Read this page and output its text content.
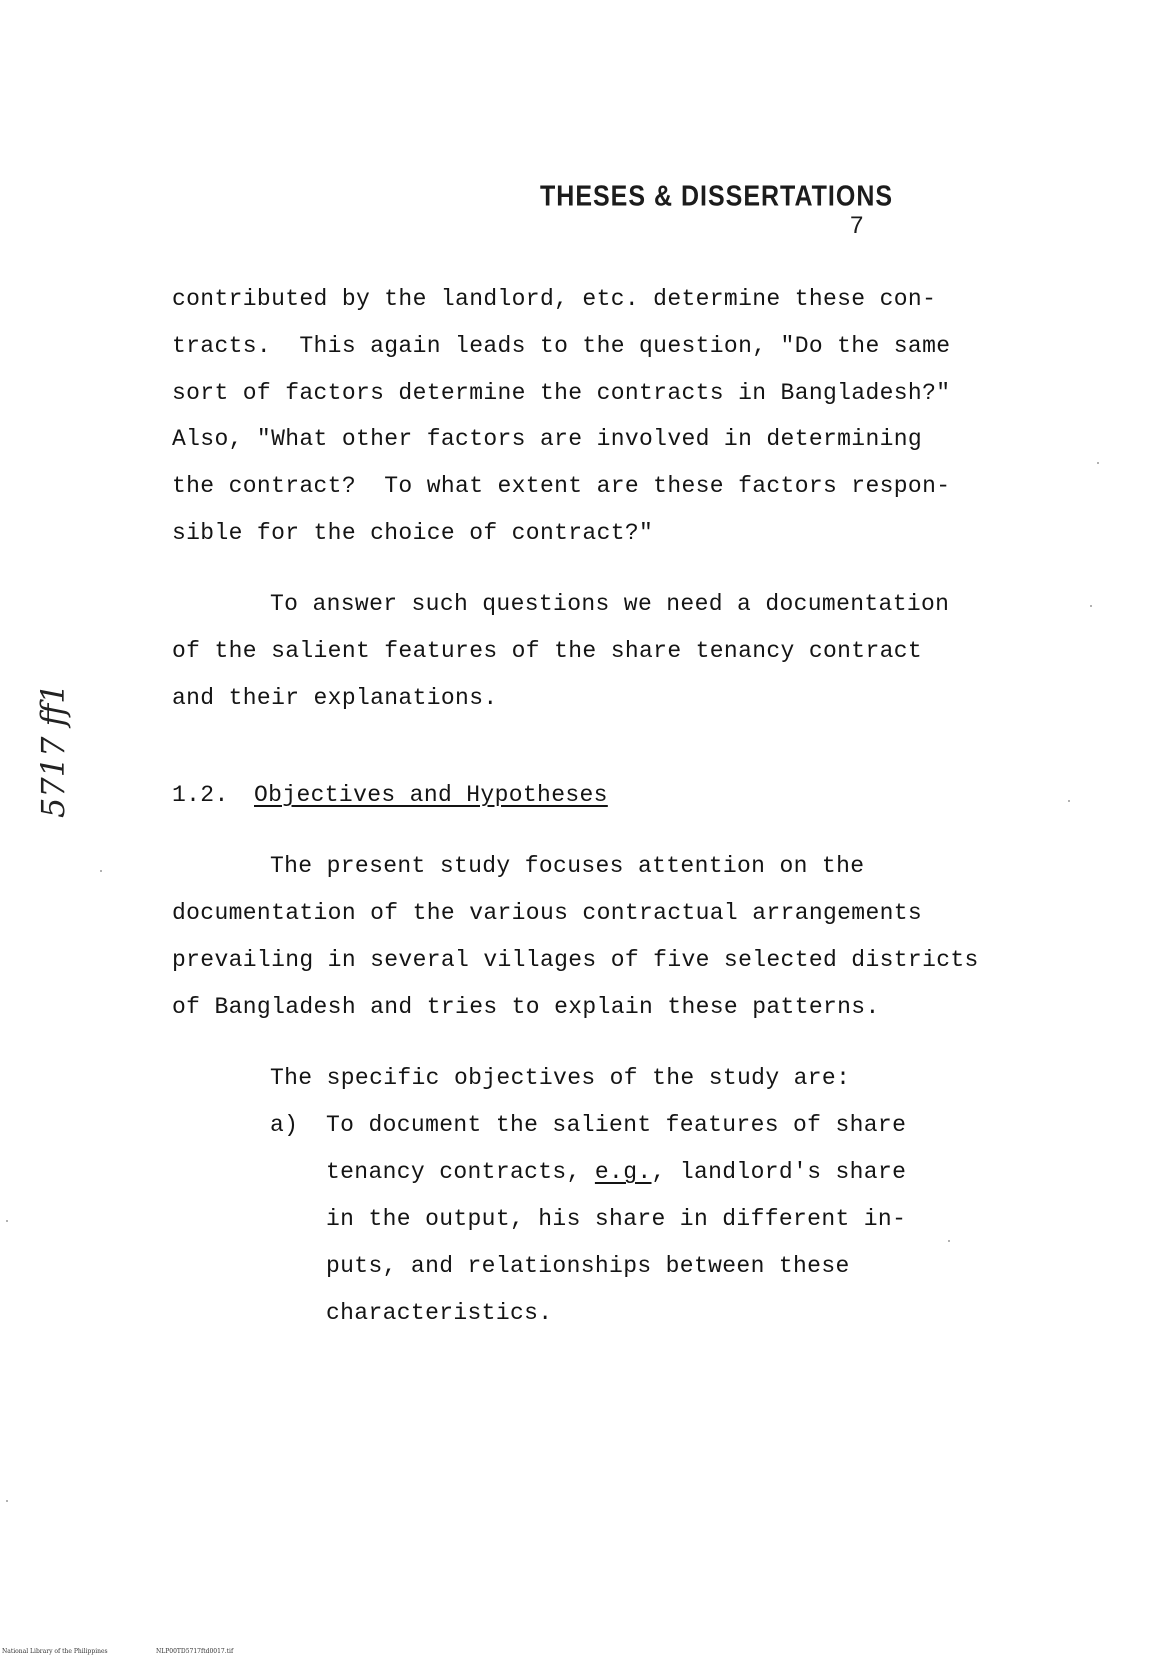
THESES & DISSERTATIONS
7
contributed by the landlord, etc. determine these con-
tracts.  This again leads to the question, "Do the same
sort of factors determine the contracts in Bangladesh?"
Also, "What other factors are involved in determining
the contract?  To what extent are these factors respon-
sible for the choice of contract?"
To answer such questions we need a documentation
of the salient features of the share tenancy contract
and their explanations.
1.2. Objectives and Hypotheses
The present study focuses attention on the
documentation of the various contractual arrangements
prevailing in several villages of five selected districts
of Bangladesh and tries to explain these patterns.
The specific objectives of the study are:
a) To document the salient features of share
tenancy contracts, e.g., landlord's share
in the output, his share in different in-
puts, and relationships between these
characteristics.
5717 ff1
National Library of the Philippines	NLP00TD5717ftd0017.tif
